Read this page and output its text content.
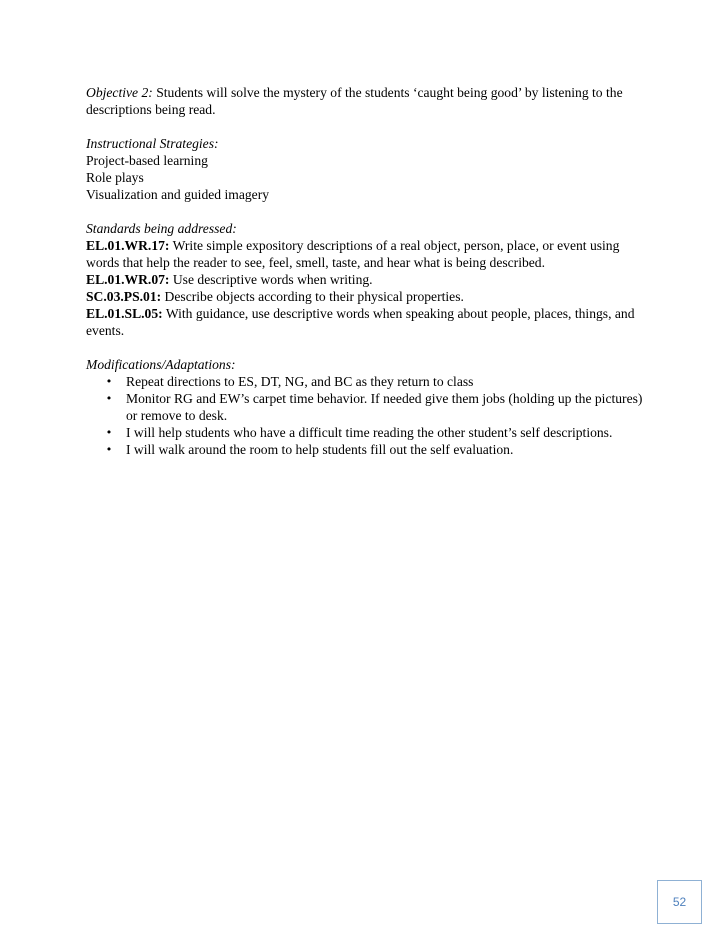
Objective 2: Students will solve the mystery of the students ‘caught being good’ by listening to the descriptions being read.

Instructional Strategies:

Project-based learning

Role plays

Visualization and guided imagery

Standards being addressed:

EL.01.WR.17: Write simple expository descriptions of a real object, person, place, or event using words that help the reader to see, feel, smell, taste, and hear what is being described.

EL.01.WR.07: Use descriptive words when writing.

SC.03.PS.01: Describe objects according to their physical properties.

EL.01.SL.05: With guidance, use descriptive words when speaking about people, places, things, and events.

Modifications/Adaptations:

• Repeat directions to ES, DT, NG, and BC as they return to class
• Monitor RG and EW’s carpet time behavior. If needed give them jobs (holding up the pictures) or remove to desk.
• I will help students who have a difficult time reading the other student’s self descriptions.
• I will walk around the room to help students fill out the self evaluation.
52
